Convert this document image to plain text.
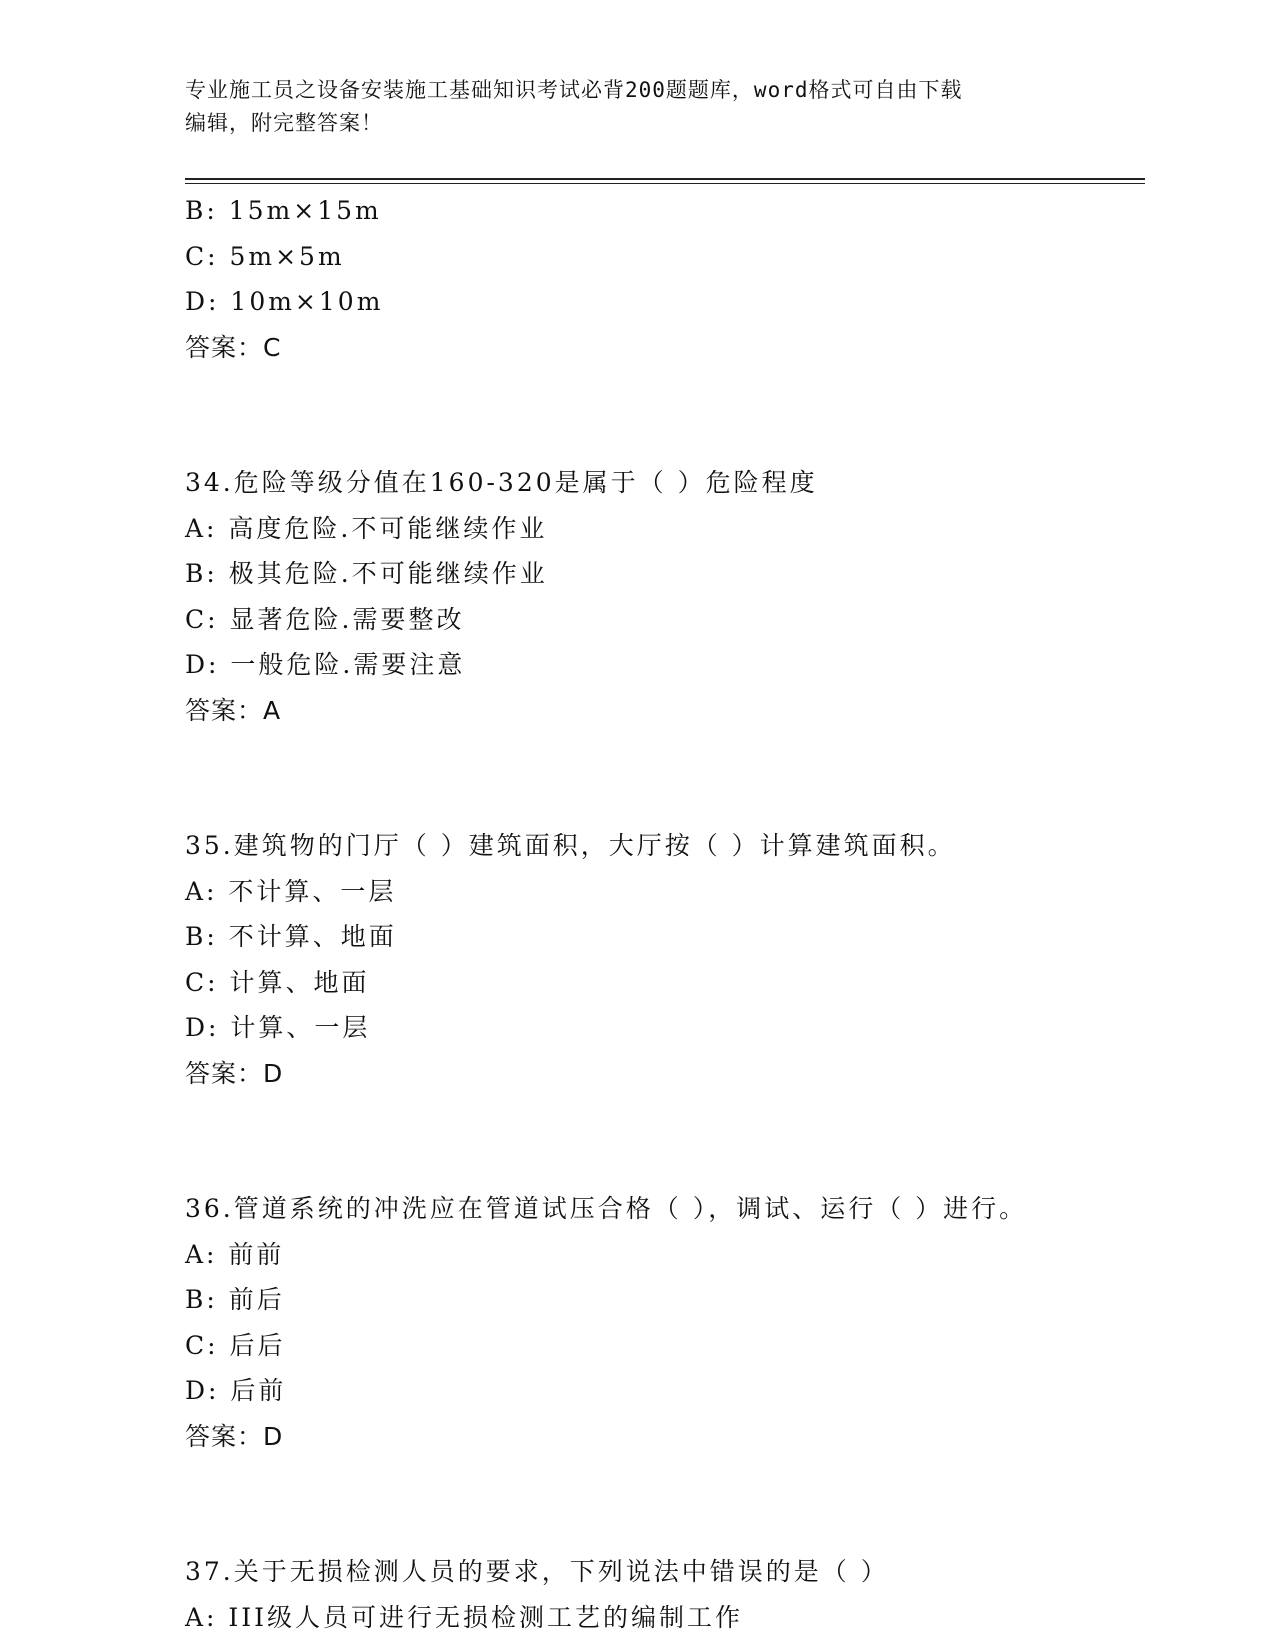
专业施工员之设备安装施工基础知识考试必背200题题库，word格式可自由下载
编辑，附完整答案！
B: 15m×15m
C: 5m×5m
D: 10m×10m
答案：C
34.危险等级分值在160-320是属于（ ）危险程度
A: 高度危险.不可能继续作业
B: 极其危险.不可能继续作业
C: 显著危险.需要整改
D: 一般危险.需要注意
答案：A
35.建筑物的门厅（ ）建筑面积，大厅按（ ）计算建筑面积。
A: 不计算、一层
B: 不计算、地面
C: 计算、地面
D: 计算、一层
答案：D
36.管道系统的冲洗应在管道试压合格（ ），调试、运行（ ）进行。
A: 前前
B: 前后
C: 后后
D: 后前
答案：D
37.关于无损检测人员的要求，下列说法中错误的是（ ）
A: III级人员可进行无损检测工艺的编制工作
